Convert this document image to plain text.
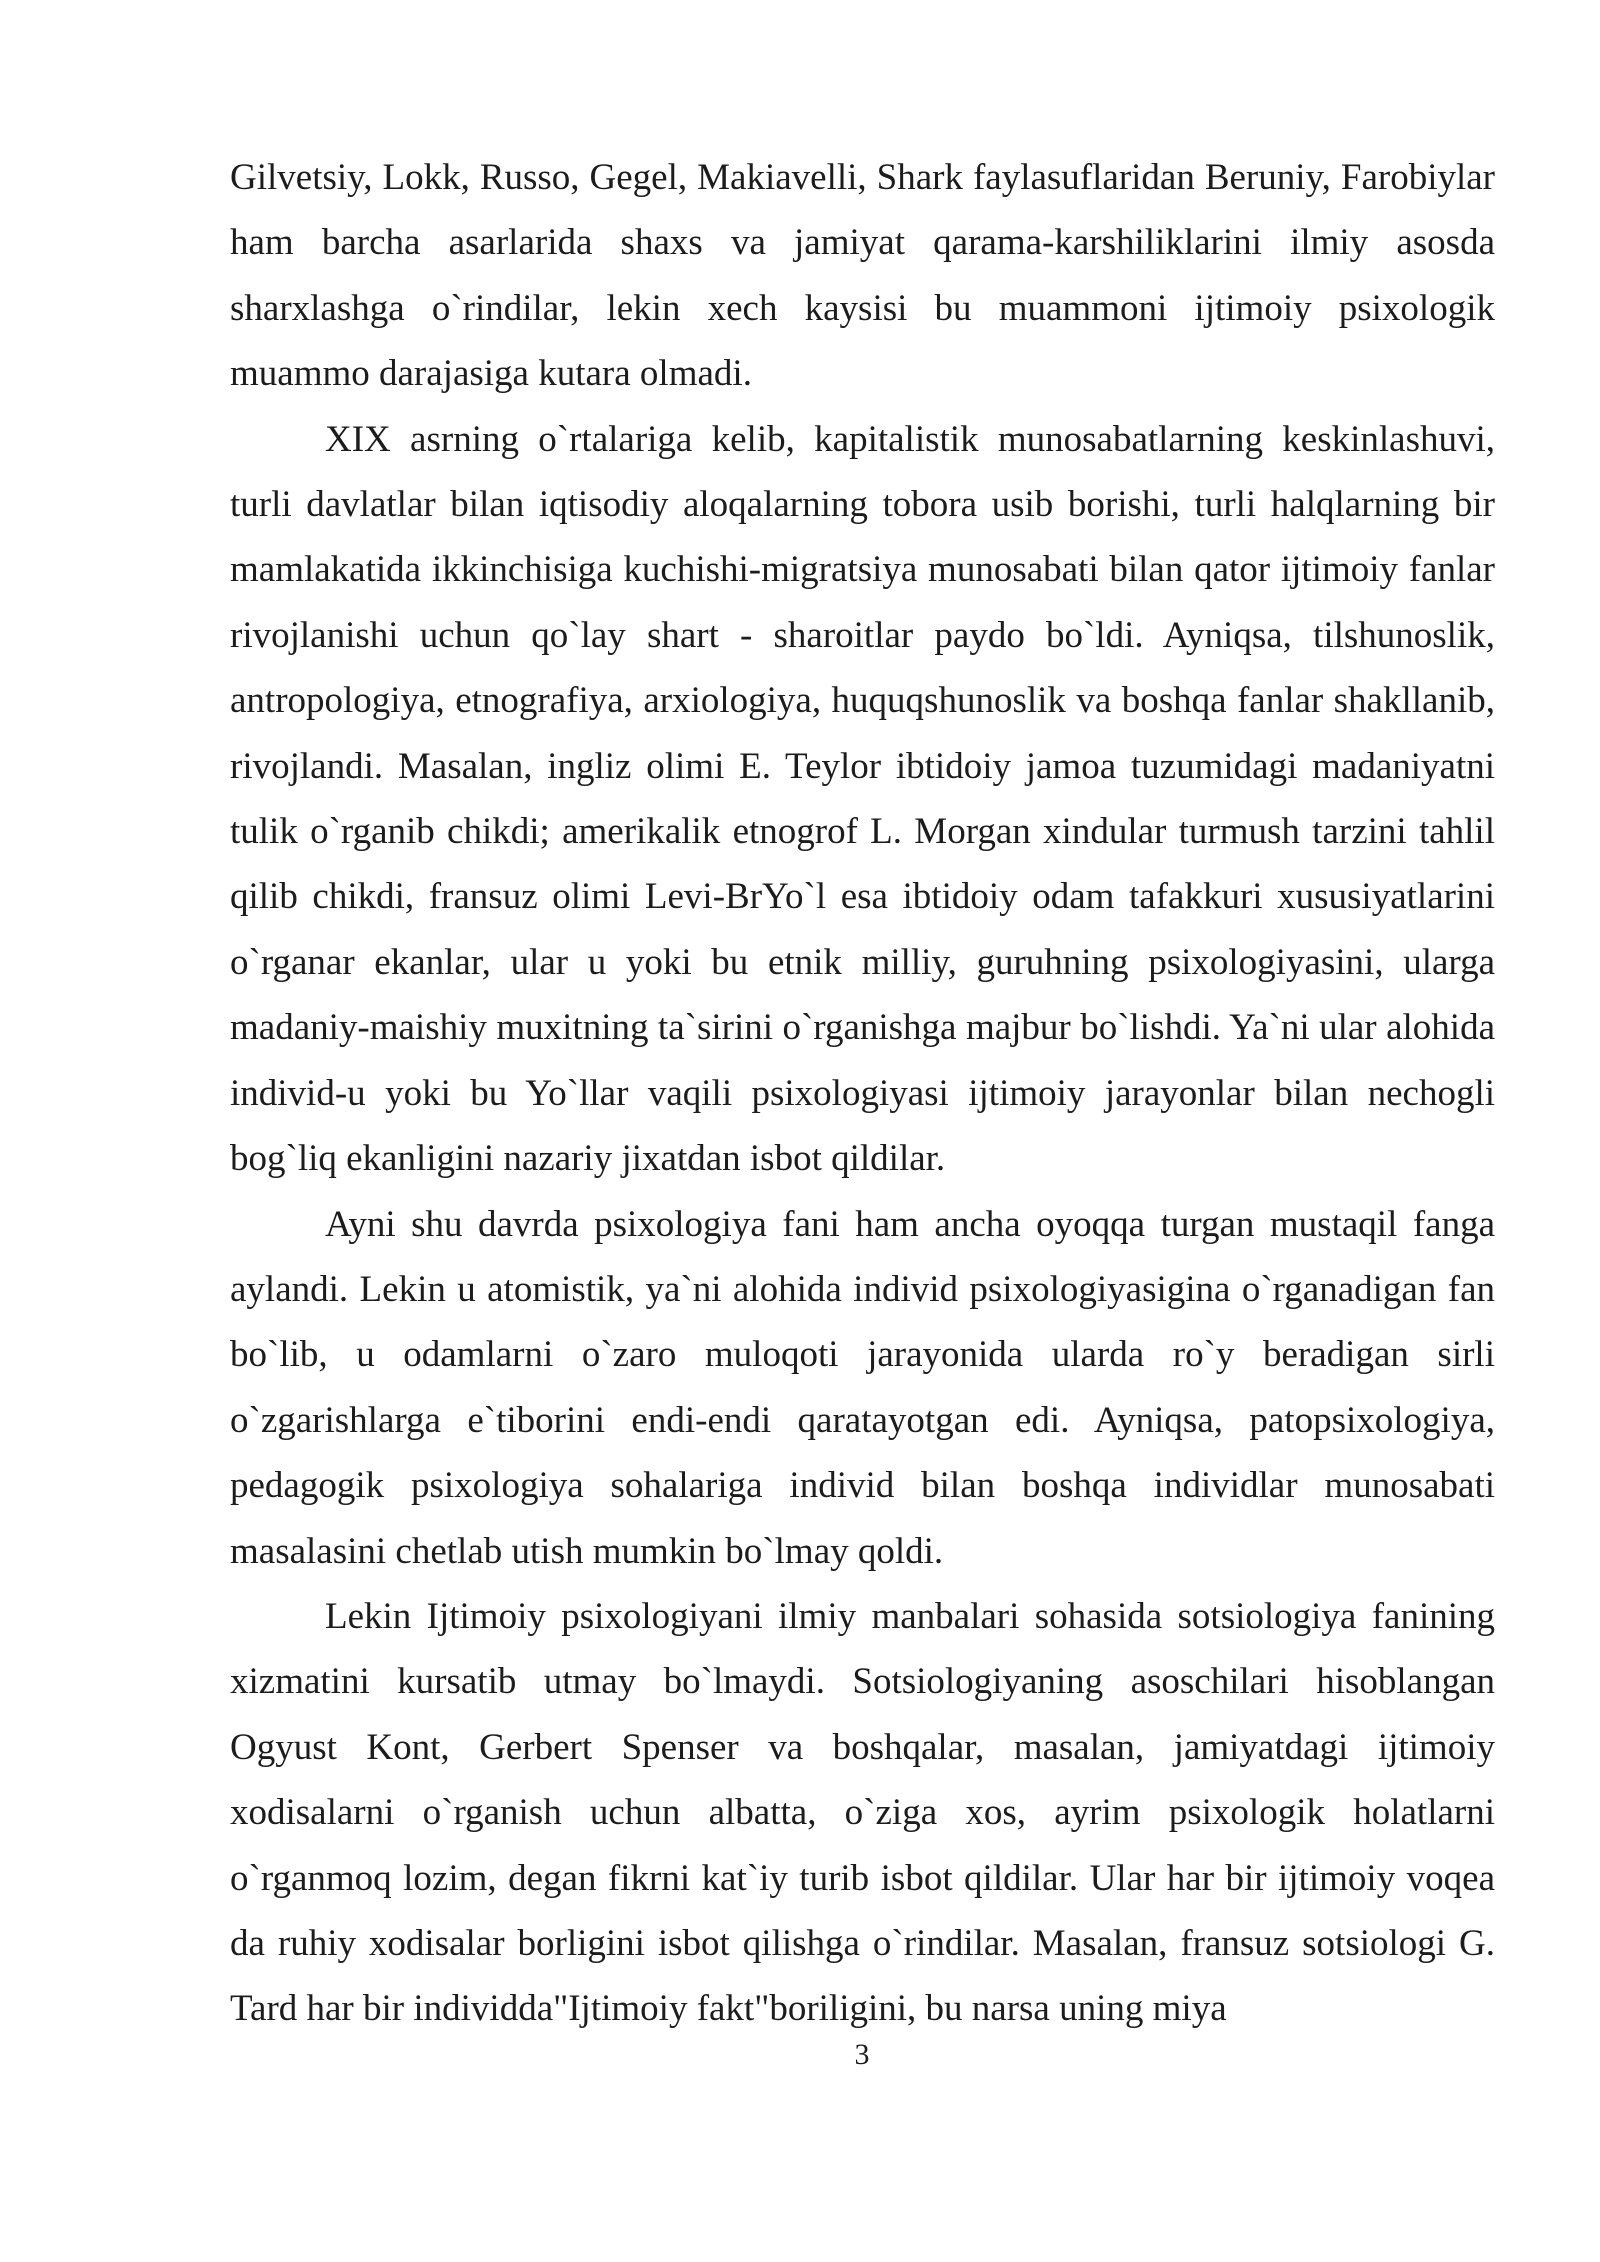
Gilvetsiy, Lokk, Russo, Gegel, Makiavelli, Shark faylasuflaridan Beruniy, Farobiylar ham barcha asarlarida shaxs va jamiyat qarama-karshiliklarini ilmiy asosda sharxlashga o`rindilar, lekin xech kaysisi bu muammoni ijtimoiy psixologik muammo darajasiga kutara olmadi.

XIX asrning o`rtalariga kelib, kapitalistik munosabatlarning keskinlashuvi, turli davlatlar bilan iqtisodiy aloqalarning tobora usib borishi, turli halqlarning bir mamlakatida ikkinchisiga kuchishi-migratsiya munosabati bilan qator ijtimoiy fanlar rivojlanishi uchun qo`lay shart - sharoitlar paydo bo`ldi. Ayniqsa, tilshunoslik, antropologiya, etnografiya, arxiologiya, huquqshunoslik va boshqa fanlar shakllanib, rivojlandi. Masalan, ingliz olimi E. Teylor ibtidoiy jamoa tuzumidagi madaniyatni tulik o`rganib chikdi; amerikalik etnogrof L. Morgan xindular turmush tarzini tahlil qilib chikdi, fransuz olimi Levi-BrYo`l esa ibtidoiy odam tafakkuri xususiyatlarini o`rganar ekanlar, ular u yoki bu etnik milliy, guruhning psixologiyasini, ularga madaniy-maishiy muxitning ta`sirini o`rganishga majbur bo`lishdi. Ya`ni ular alohida individ-u yoki bu Yo`llar vaqili psixologiyasi ijtimoiy jarayonlar bilan nechogli bog`liq ekanligini nazariy jixatdan isbot qildilar.

Ayni shu davrda psixologiya fani ham ancha oyoqqa turgan mustaqil fanga aylandi. Lekin u atomistik, ya`ni alohida individ psixologiyasigina o`rganadigan fan bo`lib, u odamlarni o`zaro muloqoti jarayonida ularda ro`y beradigan sirli o`zgarishlarga e`tiborini endi-endi qaratayotgan edi. Ayniqsa, patopsixologiya, pedagogik psixologiya sohalariga individ bilan boshqa individlar munosabati masalasini chetlab utish mumkin bo`lmay qoldi.

Lekin Ijtimoiy psixologiyani ilmiy manbalari sohasida sotsiologiya fanining xizmatini kursatib utmay bo`lmaydi. Sotsiologiyaning asoschilari hisoblangan Ogyust Kont, Gerbert Spenser va boshqalar, masalan, jamiyatdagi ijtimoiy xodisalarni o`rganish uchun albatta, o`ziga xos, ayrim psixologik holatlarni o`rganmoq lozim, degan fikrni kat`iy turib isbot qildilar. Ular har bir ijtimoiy voqea da ruhiy xodisalar borligini isbot qilishga o`rindilar. Masalan, fransuz sotsiologi G. Tard har bir individda"Ijtimoiy fakt"boriligini, bu narsa uning miya

3
